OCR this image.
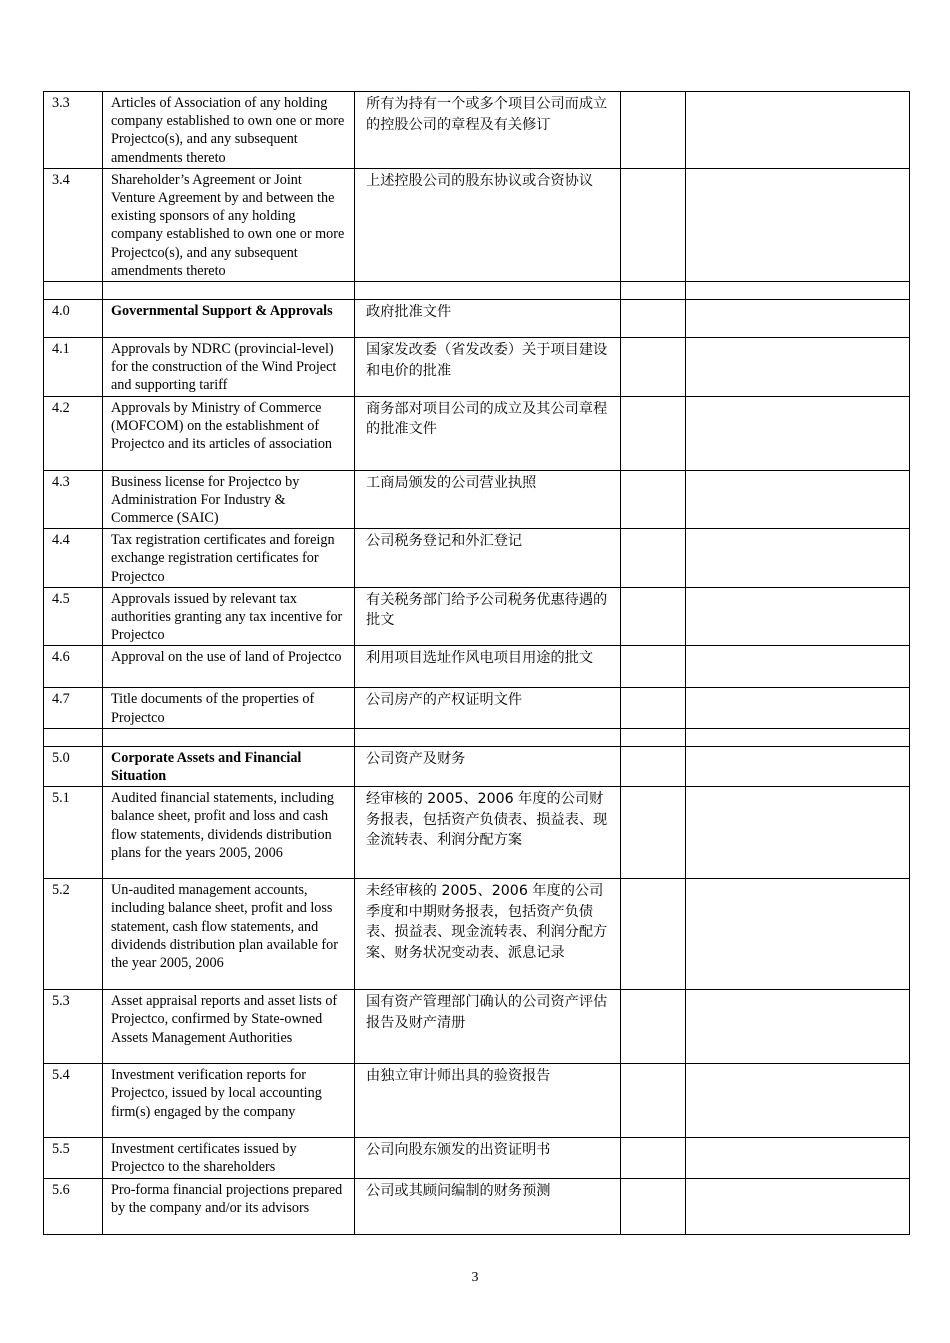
3.3	Articles of Association of any holding company established to own one or more Projectco(s), and any subsequent amendments thereto	所有为持有一个或多个项目公司而成立的控股公司的章程及有关修订		
3.4	Shareholder’s Agreement or Joint Venture Agreement by and between the existing sponsors of any holding company established to own one or more Projectco(s), and any subsequent amendments thereto	上述控股公司的股东协议或合资协议		

4.0	Governmental Support & Approvals	政府批准文件		
4.1	Approvals by NDRC (provincial-level) for the construction of the Wind Project and supporting tariff	国家发改委（省发改委）关于项目建设和电价的批准		
4.2	Approvals by Ministry of Commerce (MOFCOM) on the establishment of Projectco and its articles of association	商务部对项目公司的成立及其公司章程的批准文件		
4.3	Business license for Projectco by Administration For Industry & Commerce (SAIC)	工商局颁发的公司营业执照		
4.4	Tax registration certificates and foreign exchange registration certificates for Projectco	公司税务登记和外汇登记		
4.5	Approvals issued by relevant tax authorities granting any tax incentive for Projectco	有关税务部门给予公司税务优惠待遇的批文		
4.6	Approval on the use of land of Projectco	利用项目选址作风电项目用途的批文		
4.7	Title documents of the properties of Projectco	公司房产的产权证明文件		

5.0	Corporate Assets and Financial Situation	公司资产及财务		
5.1	Audited financial statements, including balance sheet, profit and loss and cash flow statements, dividends distribution plans for the years 2005, 2006	经审核的 2005、2006 年度的公司财务报表，包括资产负债表、损益表、现金流转表、利润分配方案		
5.2	Un-audited management accounts, including balance sheet, profit and loss statement, cash flow statements, and dividends distribution plan available for the year 2005, 2006	未经审核的 2005、2006 年度的公司季度和中期财务报表，包括资产负债表、损益表、现金流转表、利润分配方案、财务状况变动表、派息记录		
5.3	Asset appraisal reports and asset lists of Projectco, confirmed by State-owned Assets Management Authorities	国有资产管理部门确认的公司资产评估报告及财产清册		
5.4	Investment verification reports for Projectco, issued by local accounting firm(s) engaged by the company	由独立审计师出具的验资报告		
5.5	Investment certificates issued by Projectco to the shareholders	公司向股东颁发的出资证明书		
5.6	Pro-forma financial projections prepared by the company and/or its advisors	公司或其顾问编制的财务预测		
3
